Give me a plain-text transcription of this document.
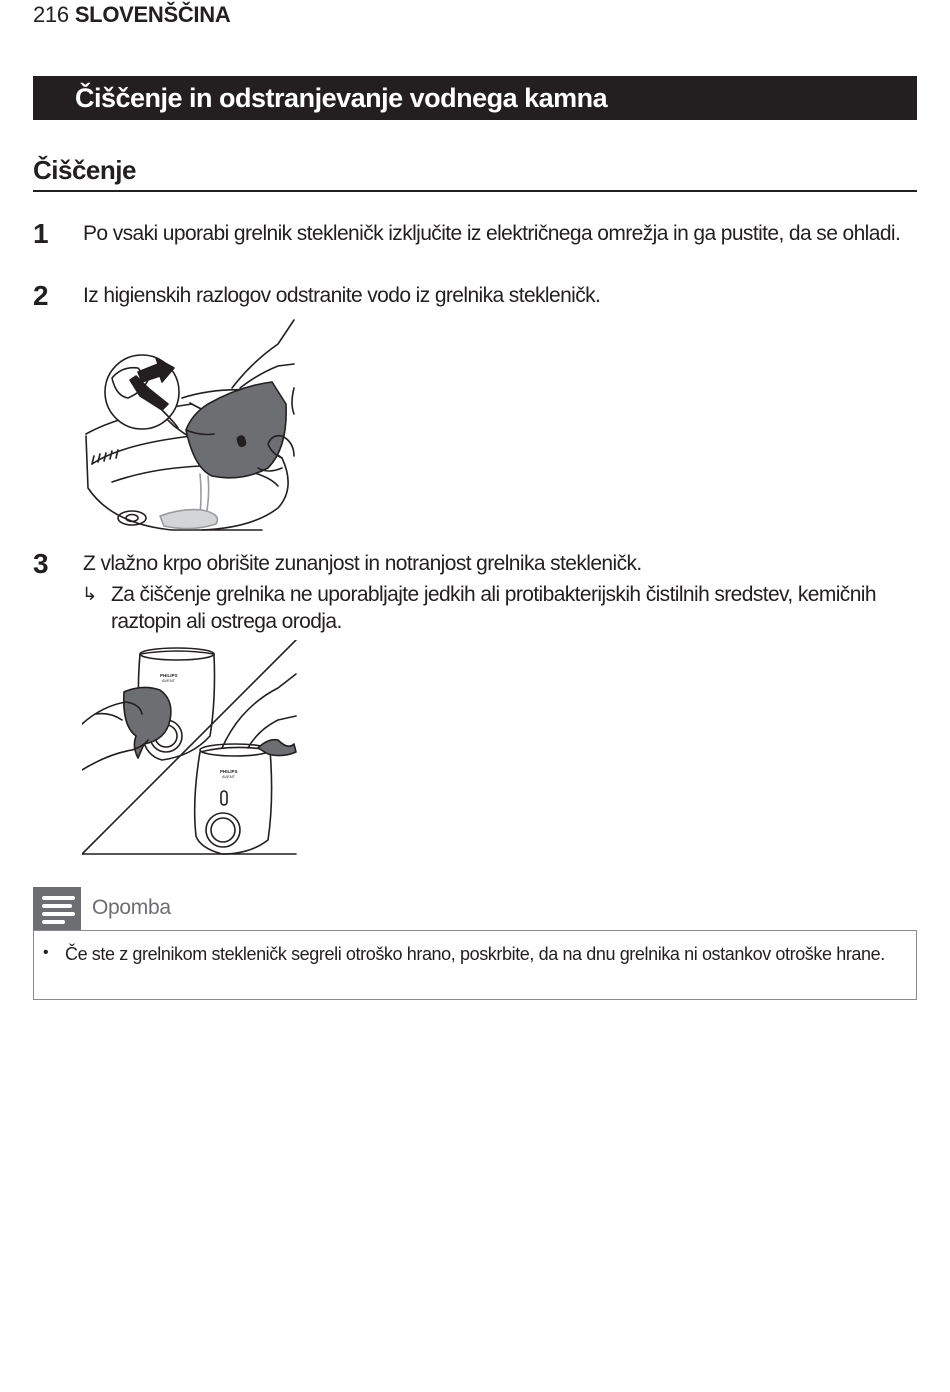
216 SLOVENŠČINA
Čiščenje in odstranjevanje vodnega kamna
Čiščenje
1 Po vsaki uporabi grelnik stekleničk izključite iz električnega omrežja in ga pustite, da se ohladi.
2 Iz higienskih razlogov odstranite vodo iz grelnika stekleničk.
3 Z vlažno krpo obrišite zunanjost in notranjost grelnika stekleničk.
↳ Za čiščenje grelnika ne uporabljajte jedkih ali protibakterijskih čistilnih sredstev, kemičnih raztopin ali ostrega orodja.
PHILIPS
AVENT
PHILIPS
AVENT
Opomba
• Če ste z grelnikom stekleničk segreli otroško hrano, poskrbite, da na dnu grelnika ni ostankov otroške hrane.
